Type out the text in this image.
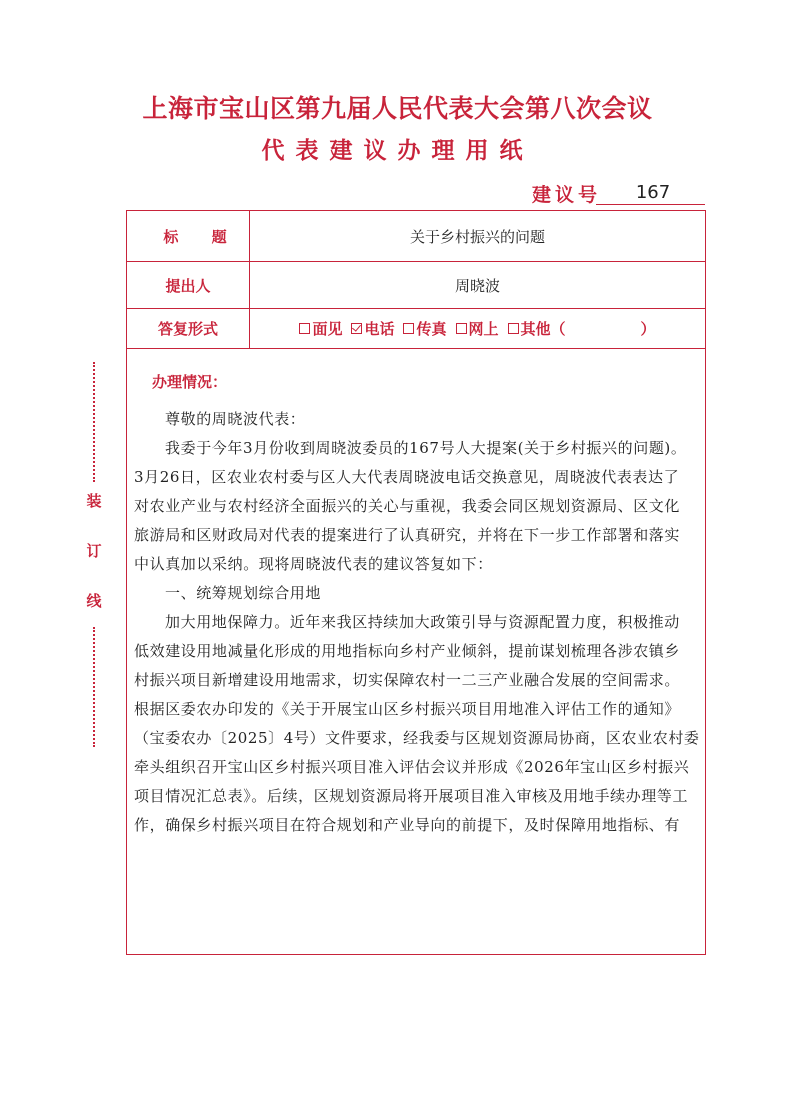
上海市宝山区第九届人民代表大会第八次会议
代表建议办理用纸
建议号	167
装
订
线
标 题	关于乡村振兴的问题
提出人	周晓波
答复形式	面见 电话 传真 网上 其他（	）
办理情况：
尊敬的周晓波代表：
我委于今年3月份收到周晓波委员的167号人大提案(关于乡村振兴的问题)。
3月26日，区农业农村委与区人大代表周晓波电话交换意见，周晓波代表表达了
对农业产业与农村经济全面振兴的关心与重视，我委会同区规划资源局、区文化
旅游局和区财政局对代表的提案进行了认真研究，并将在下一步工作部署和落实
中认真加以采纳。现将周晓波代表的建议答复如下：
一、统筹规划综合用地
加大用地保障力。近年来我区持续加大政策引导与资源配置力度，积极推动
低效建设用地减量化形成的用地指标向乡村产业倾斜，提前谋划梳理各涉农镇乡
村振兴项目新增建设用地需求，切实保障农村一二三产业融合发展的空间需求。
根据区委农办印发的《关于开展宝山区乡村振兴项目用地准入评估工作的通知》
（宝委农办〔2025〕4号）文件要求，经我委与区规划资源局协商，区农业农村委
牵头组织召开宝山区乡村振兴项目准入评估会议并形成《2026年宝山区乡村振兴
项目情况汇总表》。后续，区规划资源局将开展项目准入审核及用地手续办理等工
作，确保乡村振兴项目在符合规划和产业导向的前提下，及时保障用地指标、有
